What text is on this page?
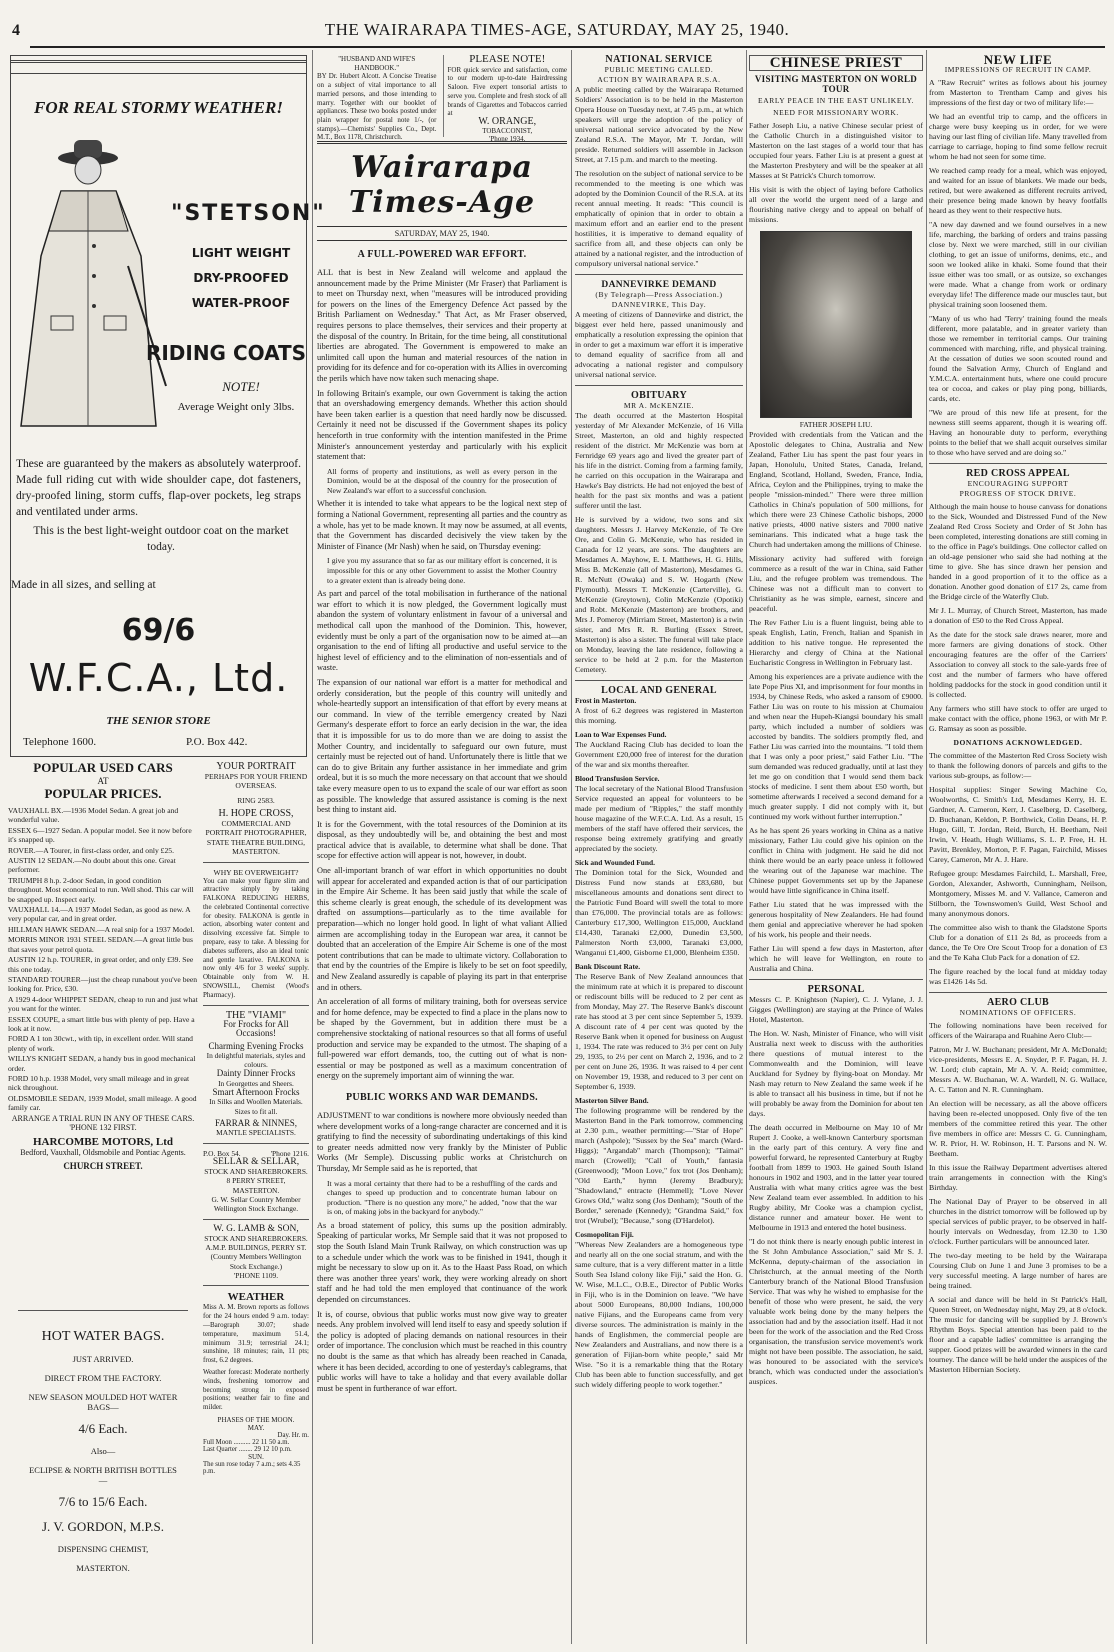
4	THE WAIRARAPA TIMES-AGE, SATURDAY, MAY 25, 1940.
FOR REAL STORMY WEATHER!
"STETSON"
LIGHT WEIGHT
DRY-PROOFED
WATER-PROOF
RIDING COATS
NOTE!
Average Weight only 3lbs.
These are guaranteed by the makers as absolutely waterproof. Made full riding cut with wide shoulder cape, dot fasteners, dry-proofed lining, storm cuffs, flap-over pockets, leg straps and ventilated under arms.
This is the best light-weight outdoor coat on the market today.
Made in all sizes, and selling at
69/6
W.F.C.A., Ltd.
THE SENIOR STORE
Telephone 1600.	P.O. Box 442.
POPULAR USED CARS
AT
POPULAR PRICES.
VAUXHALL BX.—1936 Model Sedan. A great job and wonderful value.
ESSEX 6—1927 Sedan. A popular model. See it now before it's snapped up.
ROVER.—A Tourer, in first-class order, and only £25.
AUSTIN 12 SEDAN.—No doubt about this one. Great performer.
TRIUMPH 8 h.p. 2-door Sedan, in good condition throughout. Most economical to run. Well shod. This car will be snapped up. Inspect early.
VAUXHALL 14.—A 1937 Model Sedan, as good as new. A very popular car, and in great order.
HILLMAN HAWK SEDAN.—A real snip for a 1937 Model.
MORRIS MINOR 1931 STEEL SEDAN.—A great little bus that saves your petrol quota.
AUSTIN 12 h.p. TOURER, in great order, and only £39. See this one today.
STANDARD TOURER—just the cheap runabout you've been looking for. Price, £30.
A 1929 4-door WHIPPET SEDAN, cheap to run and just what you want for the winter.
ESSEX COUPE, a smart little bus with plenty of pep. Have a look at it now.
FORD A 1 ton 30cwt., with tip, in excellent order. Will stand plenty of work.
WILLYS KNIGHT SEDAN, a handy bus in good mechanical order.
FORD 10 h.p. 1938 Model, very small mileage and in great nick throughout.
OLDSMOBILE SEDAN, 1939 Model, small mileage. A good family car.
ARRANGE A TRIAL RUN IN ANY OF THESE CARS. 'PHONE 132 FIRST.
HARCOMBE MOTORS, Ltd
Bedford, Vauxhall, Oldsmobile and Pontiac Agents.
CHURCH STREET.
HOT WATER BAGS.
JUST ARRIVED.
DIRECT FROM THE FACTORY.
NEW SEASON MOULDED HOT WATER BAGS—
4/6 Each.
Also—
ECLIPSE & NORTH BRITISH BOTTLES—
7/6 to 15/6 Each.
J. V. GORDON, M.P.S.
DISPENSING CHEMIST,
MASTERTON.
YOUR PORTRAIT
PERHAPS FOR YOUR FRIEND OVERSEAS.
RING 2583.
H. HOPE CROSS,
COMMERCIAL AND PORTRAIT PHOTOGRAPHER,
STATE THEATRE BUILDING, MASTERTON.
WHY BE OVERWEIGHT?
You can make your figure slim and attractive simply by taking FALKONA REDUCING HERBS, the celebrated Continental corrective for obesity. FALKONA is gentle in action, absorbing water content and dissolving excessive fat. Simple to prepare, easy to take. A blessing for diabetes sufferers, also an ideal tonic and gentle laxative. FALKONA is now only 4/6 for 3 weeks' supply. Obtainable only from W. H. SNOWSILL, Chemist (Wood's Pharmacy).
THE "VIAMI"
For Frocks for All Occasions!
Charming Evening Frocks
In delightful materials, styles and colours.
Dainty Dinner Frocks
In Georgettes and Sheers.
Smart Afternoon Frocks
In Silks and Woollen Materials. Sizes to fit all.
FARRAR & NINNES,
MANTLE SPECIALISTS.
P.O. Box 54.	'Phone 1216.
SELLAR & SELLAR,
STOCK AND SHAREBROKERS.
8 PERRY STREET, MASTERTON.
G. W. Sellar Country Member Wellington Stock Exchange.
W. G. LAMB & SON,
STOCK AND SHAREBROKERS.
A.M.P. BUILDINGS, PERRY ST.
(Country Members Wellington Stock Exchange.)
'PHONE 1109.
WEATHER
Miss A. M. Brown reports as follows for the 24 hours ended 9 a.m. today:—Barograph 30.07; shade temperature, maximum 51.4, minimum 31.9; terrestrial 24.1; sunshine, 18 minutes; rain, 11 pts; frost, 6.2 degrees.
Weather forecast: Moderate northerly winds, freshening tomorrow and becoming strong in exposed positions; weather fair to fine and milder.
PHASES OF THE MOON.
MAY.
Day. Hr. m.
Full Moon .......... 22 11 50 a.m.
Last Quarter ........ 29 12 10 p.m.
SUN.
The sun rose today 7 a.m.; sets 4.35 p.m.
"HUSBAND AND WIFE'S HANDBOOK."
BY Dr. Hubert Alcott. A Concise Treatise on a subject of vital importance to all married persons, and those intending to marry. Together with our booklet of appliances. These two books posted under plain wrapper for postal note 1/-, (or stamps).—Chemists' Supplies Co., Dept. M.T., Box 1178, Christchurch.
PLEASE NOTE!
FOR quick service and satisfaction, come to our modern up-to-date Hairdressing Saloon. Five expert tonsorial artists to serve you. Complete and fresh stock of all brands of Cigarettes and Tobaccos carried at
W. ORANGE,
TOBACCONIST,
'Phone 1934.
Wairarapa Times-Age
SATURDAY, MAY 25, 1940.
A FULL-POWERED WAR EFFORT.

ALL that is best in New Zealand will welcome and applaud the announcement made by the Prime Minister (Mr Fraser) that Parliament is to meet on Thursday next, when "measures will be introduced providing for powers on the lines of the Emergency Defence Act passed by the British Parliament on Wednesday." That Act, as Mr Fraser observed, requires persons to place themselves, their services and their property at the disposal of the country. In Britain, for the time being, all constitutional liberties are abrogated. The Government is empowered to make an unlimited call upon the human and material resources of the nation in providing for its defence and for co-operation with its Allies in overcoming the perils which have now taken such menacing shape.

In following Britain's example, our own Government is taking the action that an overshadowing emergency demands. Whether this action should have been taken earlier is a question that need hardly now be discussed. Certainly it need not be discussed if the Government shapes its policy henceforth in true conformity with the intention manifested in the Prime Minister's announcement yesterday and particularly with his explicit statement that:

All forms of property and institutions, as well as every person in the Dominion, would be at the disposal of the country for the prosecution of New Zealand's war effort to a successful conclusion.

Whether it is intended to take what appears to be the logical next step of forming a National Government, representing all parties and the country as a whole, has yet to be made known. It may now be assumed, at all events, that the Government has discarded decisively the view taken by the Minister of Finance (Mr Nash) when he said, on Thursday evening:

I give you my assurance that so far as our military effort is concerned, it is impossible for this or any other Government to assist the Mother Country to a greater extent than is already being done.

As part and parcel of the total mobilisation in furtherance of the national war effort to which it is now pledged, the Government logically must abandon the system of voluntary enlistment in favour of a universal and methodical call upon the manhood of the Dominion. This, however, evidently must be only a part of the organisation now to be aimed at—an organisation to the end of lifting all productive and useful service to the highest level of efficiency and to the elimination of non-essentials and of waste.

The expansion of our national war effort is a matter for methodical and orderly consideration, but the people of this country will unitedly and whole-heartedly support an intensification of that effort by every means at our command. In view of the terrible emergency created by Nazi Germany's desperate effort to force an early decision in the war, the idea that it is impossible for us to do more than we are doing to assist the Mother Country, and incidentally to safeguard our own future, must certainly must be rejected out of hand. Unfortunately there is little that we can do to give Britain any further assistance in her immediate and grim ordeal, but it is so much the more necessary on that account that we should take every measure open to us to expand the scale of our war effort as soon as possible. The knowledge that assured assistance is coming is the next best thing to instant aid.

It is for the Government, with the total resources of the Dominion at its disposal, as they undoubtedly will be, and obtaining the best and most practical advice that is available, to determine what shall be done. That scope for effective action will appear is not, however, in doubt.

One all-important branch of war effort in which opportunities no doubt will appear for accelerated and expanded action is that of our participation in the Empire Air Scheme. It has been said justly that while the scale of this scheme clearly is great enough, the schedule of its development was drafted on assumptions—particularly as to the time available for preparation—which no longer hold good. In light of what valiant Allied airmen are accomplishing today in the European war area, it cannot be doubted that an acceleration of the Empire Air Scheme is one of the most potent contributions that can be made to ultimate victory. Collaboration to that end by the countries of the Empire is likely to be set on foot speedily, and New Zealand assuredly is capable of playing its part in that enterprise and in others.

An acceleration of all forms of military training, both for overseas service and for home defence, may be expected to find a place in the plans now to be shaped by the Government, but in addition there must be a comprehensive stocktaking of national resources so that all forms of useful production and service may be expanded to the utmost. The shaping of a full-powered war effort demands, too, the cutting out of what is non-essential or may be postponed as well as a maximum concentration of energy on the supremely important aim of winning the war.

PUBLIC WORKS AND WAR DEMANDS.

ADJUSTMENT to war conditions is nowhere more obviously needed than where development works of a long-range character are concerned and it is gratifying to find the necessity of subordinating undertakings of this kind to greater needs admitted now very frankly by the Minister of Public Works (Mr Semple). Discussing public works at Christchurch on Thursday, Mr Semple said as he is reported, that

It was a moral certainty that there had to be a reshuffling of the cards and changes to speed up production and to concentrate human labour on production. "There is no question any more," he added, "now that the war is on, of making jobs in the backyard for anybody."

As a broad statement of policy, this sums up the position admirably. Speaking of particular works, Mr Semple said that it was not proposed to stop the South Island Main Trunk Railway, on which construction was up to a schedule under which the work was to be finished in 1941, though it might be necessary to slow up on it. As to the Haast Pass Road, on which there was another three years' work, they were working already on short staff and he had told the men employed that continuance of the work depended on circumstances.

It is, of course, obvious that public works must now give way to greater needs. Any problem involved will lend itself to easy and speedy solution if the policy is adopted of placing demands on national resources in their order of importance. The conclusion which must be reached in this country no doubt is the same as that which has already been reached in Canada, where it has been decided, according to one of yesterday's cablegrams, that public works will have to take a holiday and that every available dollar must be spent in furtherance of war effort.

NATIONAL SERVICE
PUBLIC MEETING CALLED.
ACTION BY WAIRARAPA R.S.A.

A public meeting called by the Wairarapa Returned Soldiers' Association is to be held in the Masterton Opera House on Tuesday next, at 7.45 p.m., at which speakers will urge the adoption of the policy of universal national service advocated by the New Zealand R.S.A. The Mayor, Mr T. Jordan, will preside. Returned soldiers will assemble in Jackson Street, at 7.15 p.m. and march to the meeting.

The resolution on the subject of national service to be recommended to the meeting is one which was adopted by the Dominion Council of the R.S.A. at its recent annual meeting. It reads: "This council is emphatically of opinion that in order to obtain a maximum effort and an earlier end to the present hostilities, it is imperative to demand equality of sacrifice from all, and these objects can only be attained by a national register, and the introduction of compulsory universal national service."

DANNEVIRKE DEMAND
(By Telegraph—Press Association.)
DANNEVIRKE, This Day.

A meeting of citizens of Dannevirke and district, the biggest ever held here, passed unanimously and emphatically a resolution expressing the opinion that in order to get a maximum war effort it is imperative to demand equality of sacrifice from all and advocating a national register and compulsory universal national service.

OBITUARY
MR A. McKENZIE.

The death occurred at the Masterton Hospital yesterday of Mr Alexander McKenzie, of 16 Villa Street, Masterton, an old and highly respected resident of the district. Mr McKenzie was born at Fernridge 69 years ago and lived the greater part of his life in the district. Coming from a farming family, he carried on this occupation in the Wairarapa and Hawke's Bay districts. He had not enjoyed the best of health for the past six months and was a patient sufferer until the last.

He is survived by a widow, two sons and six daughters. Messrs J. Harvey McKenzie, of Te Ore Ore, and Colin G. McKenzie, who has resided in Canada for 12 years, are sons. The daughters are Mesdames A. Mayhow, E. I. Matthews, H. G. Hills, Miss B. McKenzie (all of Masterton), Mesdames G. R. McNutt (Owaka) and S. W. Hogarth (New Plymouth). Messrs T. McKenzie (Carterville), G. McKenzie (Greytown), Colin McKenzie (Opotiki) and Robt. McKenzie (Masterton) are brothers, and Mrs J. Pomeroy (Mirriam Street, Masterton) is a twin sister, and Mrs R. R. Burling (Essex Street, Masterton) is also a sister. The funeral will take place on Monday, leaving the late residence, following a service to be held at 2 p.m. for the Masterton Cemetery.

LOCAL AND GENERAL
Frost in Masterton.

A frost of 6.2 degrees was registered in Masterton this morning.

Loan to War Expenses Fund.

The Auckland Racing Club has decided to loan the Government £20,000 free of interest for the duration of the war and six months thereafter.

Blood Transfusion Service.

The local secretary of the National Blood Transfusion Service requested an appeal for volunteers to be made per medium of "Ripples," the staff monthly house magazine of the W.F.C.A. Ltd. As a result, 15 members of the staff have offered their services, the response being extremely gratifying and greatly appreciated by the society.

Sick and Wounded Fund.

The Dominion total for the Sick, Wounded and Distress Fund now stands at £83,680, but miscellaneous amounts and donations sent direct to the Patriotic Fund Board will swell the total to more than £76,000. The provincial totals are as follows: Canterbury £17,300, Wellington £15,000, Auckland £14,430, Taranaki £2,000, Dunedin £3,500, Palmerston North £3,000, Taranaki £3,000, Wanganui £1,400, Gisborne £1,000, Blenheim £350.

Bank Discount Rate.

The Reserve Bank of New Zealand announces that the minimum rate at which it is prepared to discount or rediscount bills will be reduced to 2 per cent as from Monday, May 27. The Reserve Bank's discount rate has stood at 3 per cent since September 5, 1939. A discount rate of 4 per cent was quoted by the Reserve Bank when it opened for business on August 1, 1934. The rate was reduced to 3½ per cent on July 29, 1935, to 2½ per cent on March 2, 1936, and to 2 per cent on June 26, 1936. It was raised to 4 per cent on November 19, 1938, and reduced to 3 per cent on September 6, 1939.

Masterton Silver Band.

The following programme will be rendered by the Masterton Band in the Park tomorrow, commencing at 2.30 p.m., weather permitting:—"Star of Hope" march (Ashpole); "Sussex by the Sea" march (Ward-Higgs); "Argandab" march (Thompson); "Taimai" march (Crowell); "Call of Youth," fantasia (Greenwood); "Moon Love," fox trot (Jos Denham); "Old Earth," hymn (Jeremy Bradbury); "Shadowland," entracte (Hemmell); "Love Never Grows Old," waltz song (Jos Denham); "South of the Border," serenade (Kennedy); "Grandma Said," fox trot (Wrubel); "Because," song (D'Hardelot).

Cosmopolitan Fiji.

"Whereas New Zealanders are a homogeneous type and nearly all on the one social stratum, and with the same culture, that is a very different matter in a little South Sea Island colony like Fiji," said the Hon. G. W. Wise, M.L.C., O.B.E., Director of Public Works in Fiji, who is in the Dominion on leave. "We have about 5000 Europeans, 80,000 Indians, 100,000 native Fijians, and the Europeans came from very diverse sources. The administration is mainly in the hands of Englishmen, the commercial people are New Zealanders and Australians, and now there is a generation of Fijian-born white people," said Mr Wise. "So it is a remarkable thing that the Rotary Club has been able to function successfully, and get such widely differing people to work together."

CHINESE PRIEST
VISITING MASTERTON ON WORLD TOUR
EARLY PEACE IN THE EAST UNLIKELY.
NEED FOR MISSIONARY WORK.

Father Joseph Liu, a native Chinese secular priest of the Catholic Church in a distinguished visitor to Masterton on the last stages of a world tour that has occupied four years. Father Liu is at present a guest at the Masterton Presbytery and will be the speaker at all Masses at St Patrick's Church tomorrow.

His visit is with the object of laying before Catholics all over the world the urgent need of a large and flourishing native clergy and to appeal on behalf of missions.

FATHER JOSEPH LIU.

Provided with credentials from the Vatican and the Apostolic delegates to China, Australia and New Zealand, Father Liu has spent the past four years in Japan, Honolulu, United States, Canada, Ireland, England, Scotland, Holland, Sweden, France, India, Africa, Ceylon and the Philippines, trying to make the people "mission-minded." There were three million Catholics in China's population of 500 millions, for which there were 23 Chinese Catholic bishops, 2000 native priests, 4000 native sisters and 7000 native seminarians. This indicated what a huge task the Church had undertaken among the millions of Chinese.

Missionary activity had suffered with foreign commerce as a result of the war in China, said Father Liu, and the refugee problem was tremendous. The Chinese was not a difficult man to convert to Christianity as he was simple, earnest, sincere and peaceful.

The Rev Father Liu is a fluent linguist, being able to speak English, Latin, French, Italian and Spanish in addition to his native tongue. He represented the Hierarchy and clergy of China at the National Eucharistic Congress in Wellington in February last.

Among his experiences are a private audience with the late Pope Pius XI, and imprisonment for four months in 1934, by Chinese Reds, who asked a ransom of £9000. Father Liu was on route to his mission at Chumaiou and when near the Hupeh-Kiangsi boundary his small party, which included a number of soldiers was accosted by bandits. The soldiers promptly fled, and Father Liu was carried into the mountains. "I told them that I was only a poor priest," said Father Liu. "The sum demanded was reduced gradually, until at last they let me go on condition that I would send them back stocks of medicine. I sent them about £50 worth, but sometime afterwards I received a second demand for a much greater supply. I did not comply with it, but continued my work without further interruption."

As he has spent 26 years working in China as a native missionary, Father Liu could give his opinion on the conflict in China with judgment. He said he did not think there would be an early peace unless it followed the wearing out of the Japanese war machine. The Chinese puppet Governments set up by the Japanese would have little significance in China itself.

Father Liu stated that he was impressed with the generous hospitality of New Zealanders. He had found them genial and appreciative wherever he had spoken of his work, his people and their needs.

Father Liu will spend a few days in Masterton, after which he will leave for Wellington, en route to Australia and China.

PERSONAL

Messrs C. P. Knightson (Napier), C. J. Vylane, J. J. Gigges (Wellington) are staying at the Prince of Wales Hotel, Masterton.

The Hon. W. Nash, Minister of Finance, who will visit Australia next week to discuss with the authorities there questions of mutual interest to the Commonwealth and the Dominion, will leave Auckland for Sydney by flying-boat on Monday. Mr Nash may return to New Zealand the same week if he is able to transact all his business in time, but if not he will probably be away from the Dominion for about ten days.

The death occurred in Melbourne on May 10 of Mr Rupert J. Cooke, a well-known Canterbury sportsman in the early part of this century. A very fine and powerful forward, he represented Canterbury at Rugby football from 1899 to 1903. He gained South Island honours in 1902 and 1903, and in the latter year toured Australia with what many critics agree was the best New Zealand team ever assembled. In addition to his Rugby ability, Mr Cooke was a champion cyclist, distance runner and amateur boxer. He went to Melbourne in 1913 and entered the hotel business.

"I do not think there is nearly enough public interest in the St John Ambulance Association," said Mr S. J. McKenna, deputy-chairman of the association in Christchurch, at the annual meeting of the North Canterbury branch of the National Blood Transfusion Service. That was why he wished to emphasise for the benefit of those who were present, he said, the very valuable work being done by the many helpers the association had and by the association itself. Had it not been for the work of the association and the Red Cross organisation, the transfusion service movement's work might not have been possible. The association, he said, was honoured to be associated with the service's branch, which was conducted under the association's auspices.

NEW LIFE
IMPRESSIONS OF RECRUIT IN CAMP.

A "Raw Recruit" writes as follows about his journey from Masterton to Trentham Camp and gives his impressions of the first day or two of military life:—

We had an eventful trip to camp, and the officers in charge were busy keeping us in order, for we were having our last fling of civilian life. Many travelled from carriage to carriage, hoping to find some fellow recruit whom he had not seen for some time.

We reached camp ready for a meal, which was enjoyed, and waited for an issue of blankets. We made our beds, retired, but were awakened as different recruits arrived, their presence being made known by heavy footfalls heard as they went to their respective huts.

"A new day dawned and we found ourselves in a new life, marching, the barking of orders and trains passing close by. Next we were marched, still in our civilian clothing, to get an issue of uniforms, denims, etc., and soon we looked alike in khaki. Some found that their issue either was too small, or as outsize, so exchanges were made. What a change from work or ordinary everyday life! The difference made our muscles taut, but physical training soon loosened them.

"Many of us who had 'Terry' training found the meals different, more palatable, and in greater variety than those we remember in territorial camps. Our training commenced with marching, rifle, and physical training. At the cessation of duties we soon scouted round and found the Salvation Army, Church of England and Y.M.C.A. entertainment huts, where one could procure tea or cocoa, and cakes or play ping pong, billiards, cards, etc.

"We are proud of this new life at present, for the newness still seems apparent, though it is wearing off. Having an honourable duty to perform, everything points to the belief that we shall acquit ourselves similar to those who have served and are doing so."

RED CROSS APPEAL
ENCOURAGING SUPPORT
PROGRESS OF STOCK DRIVE.

Although the main house to house canvass for donations to the Sick, Wounded and Distressed Fund of the New Zealand Red Cross Society and Order of St John has been completed, interesting donations are still coming in to the office in Page's buildings. One collector called on an old-age pensioner who said she had nothing at the time to give. She has since drawn her pension and handed in a good proportion of it to the office as a donation. Another good donation of £17 2s, came from the Bridge circle of the Waterfly Club.

Mr J. L. Murray, of Church Street, Masterton, has made a donation of £50 to the Red Cross Appeal.

As the date for the stock sale draws nearer, more and more farmers are giving donations of stock. Other encouraging features are the offer of the Carriers' Association to convey all stock to the sale-yards free of cost and the number of farmers who have offered holding paddocks for the stock in good condition until it is collected.

Any farmers who still have stock to offer are urged to make contact with the office, phone 1963, or with Mr P. G. Ramsay as soon as possible.

DONATIONS ACKNOWLEDGED.

The committee of the Masterton Red Cross Society wish to thank the following donors of parcels and gifts to the various sub-groups, as follow:—

Hospital supplies: Singer Sewing Machine Co, Woolworths, C. Smith's Ltd, Mesdames Kerry, H. E. Gardner, A. Cameron, Kerr, J. Caselberg, D. Caselberg, D. Buchanan, Keldon, P. Borthwick, Colin Deans, H. P. Hugo, Gill, T. Jordan, Reid, Burch, H. Beetham, Neil Irwin, V. Heath, Hugh Williams, S. L. P. Free, H. H. Pavitt, Brenkley, Morton, P. F. Pagan, Fairchild, Misses Carey, Cameron, Mr A. J. Hare.

Refugee group: Mesdames Fairchild, L. Marshall, Free, Gordon, Alexander, Ashworth, Cunningham, Neilson, Montgomery, Misses M. and V. Vallance, Cameron and Stilborn, the Townswomen's Guild, West School and many anonymous donors.

The committee also wish to thank the Gladstone Sports Club for a donation of £11 2s 8d, as proceeds from a dance, the Te Ore Ore Scout Troop for a donation of £3 and the Te Kaha Club Pack for a donation of £2.

The figure reached by the local fund at midday today was £1426 14s 5d.

AERO CLUB
NOMINATIONS OF OFFICERS.

The following nominations have been received for officers of the Wairarapa and Ruahine Aero Club:—

Patron, Mr J. W. Buchanan; president, Mr A. McDonald; vice-presidents, Messrs E. A. Snyder, P. F. Pagan, H. J. W. Lord; club captain, Mr A. V. A. Reid; committee, Messrs A. W. Buchanan, W. A. Wardell, N. G. Wallace, A. C. Tatton and N. R. Cunningham.

An election will be necessary, as all the above officers having been re-elected unopposed. Only five of the ten members of the committee retired this year. The other five members in office are: Messrs C. G. Cunningham, W. R. Prior, H. W. Robinson, H. T. Parsons and N. W. Beetham.

In this issue the Railway Department advertises altered train arrangements in connection with the King's Birthday.

The National Day of Prayer to be observed in all churches in the district tomorrow will be followed up by special services of public prayer, to be observed in half-hourly intervals on Wednesday, from 12.30 to 1.30 o'clock. Further particulars will be announced later.

The two-day meeting to be held by the Wairarapa Coursing Club on June 1 and June 3 promises to be a very successful meeting. A large number of hares are being trained.

A social and dance will be held in St Patrick's Hall, Queen Street, on Wednesday night, May 29, at 8 o'clock. The music for dancing will be supplied by J. Brown's Rhythm Boys. Special attention has been paid to the floor and a capable ladies' committee is arranging the supper. Good prizes will be awarded winners in the card tourney. The dance will be held under the auspices of the Masterton Hibernian Society.
